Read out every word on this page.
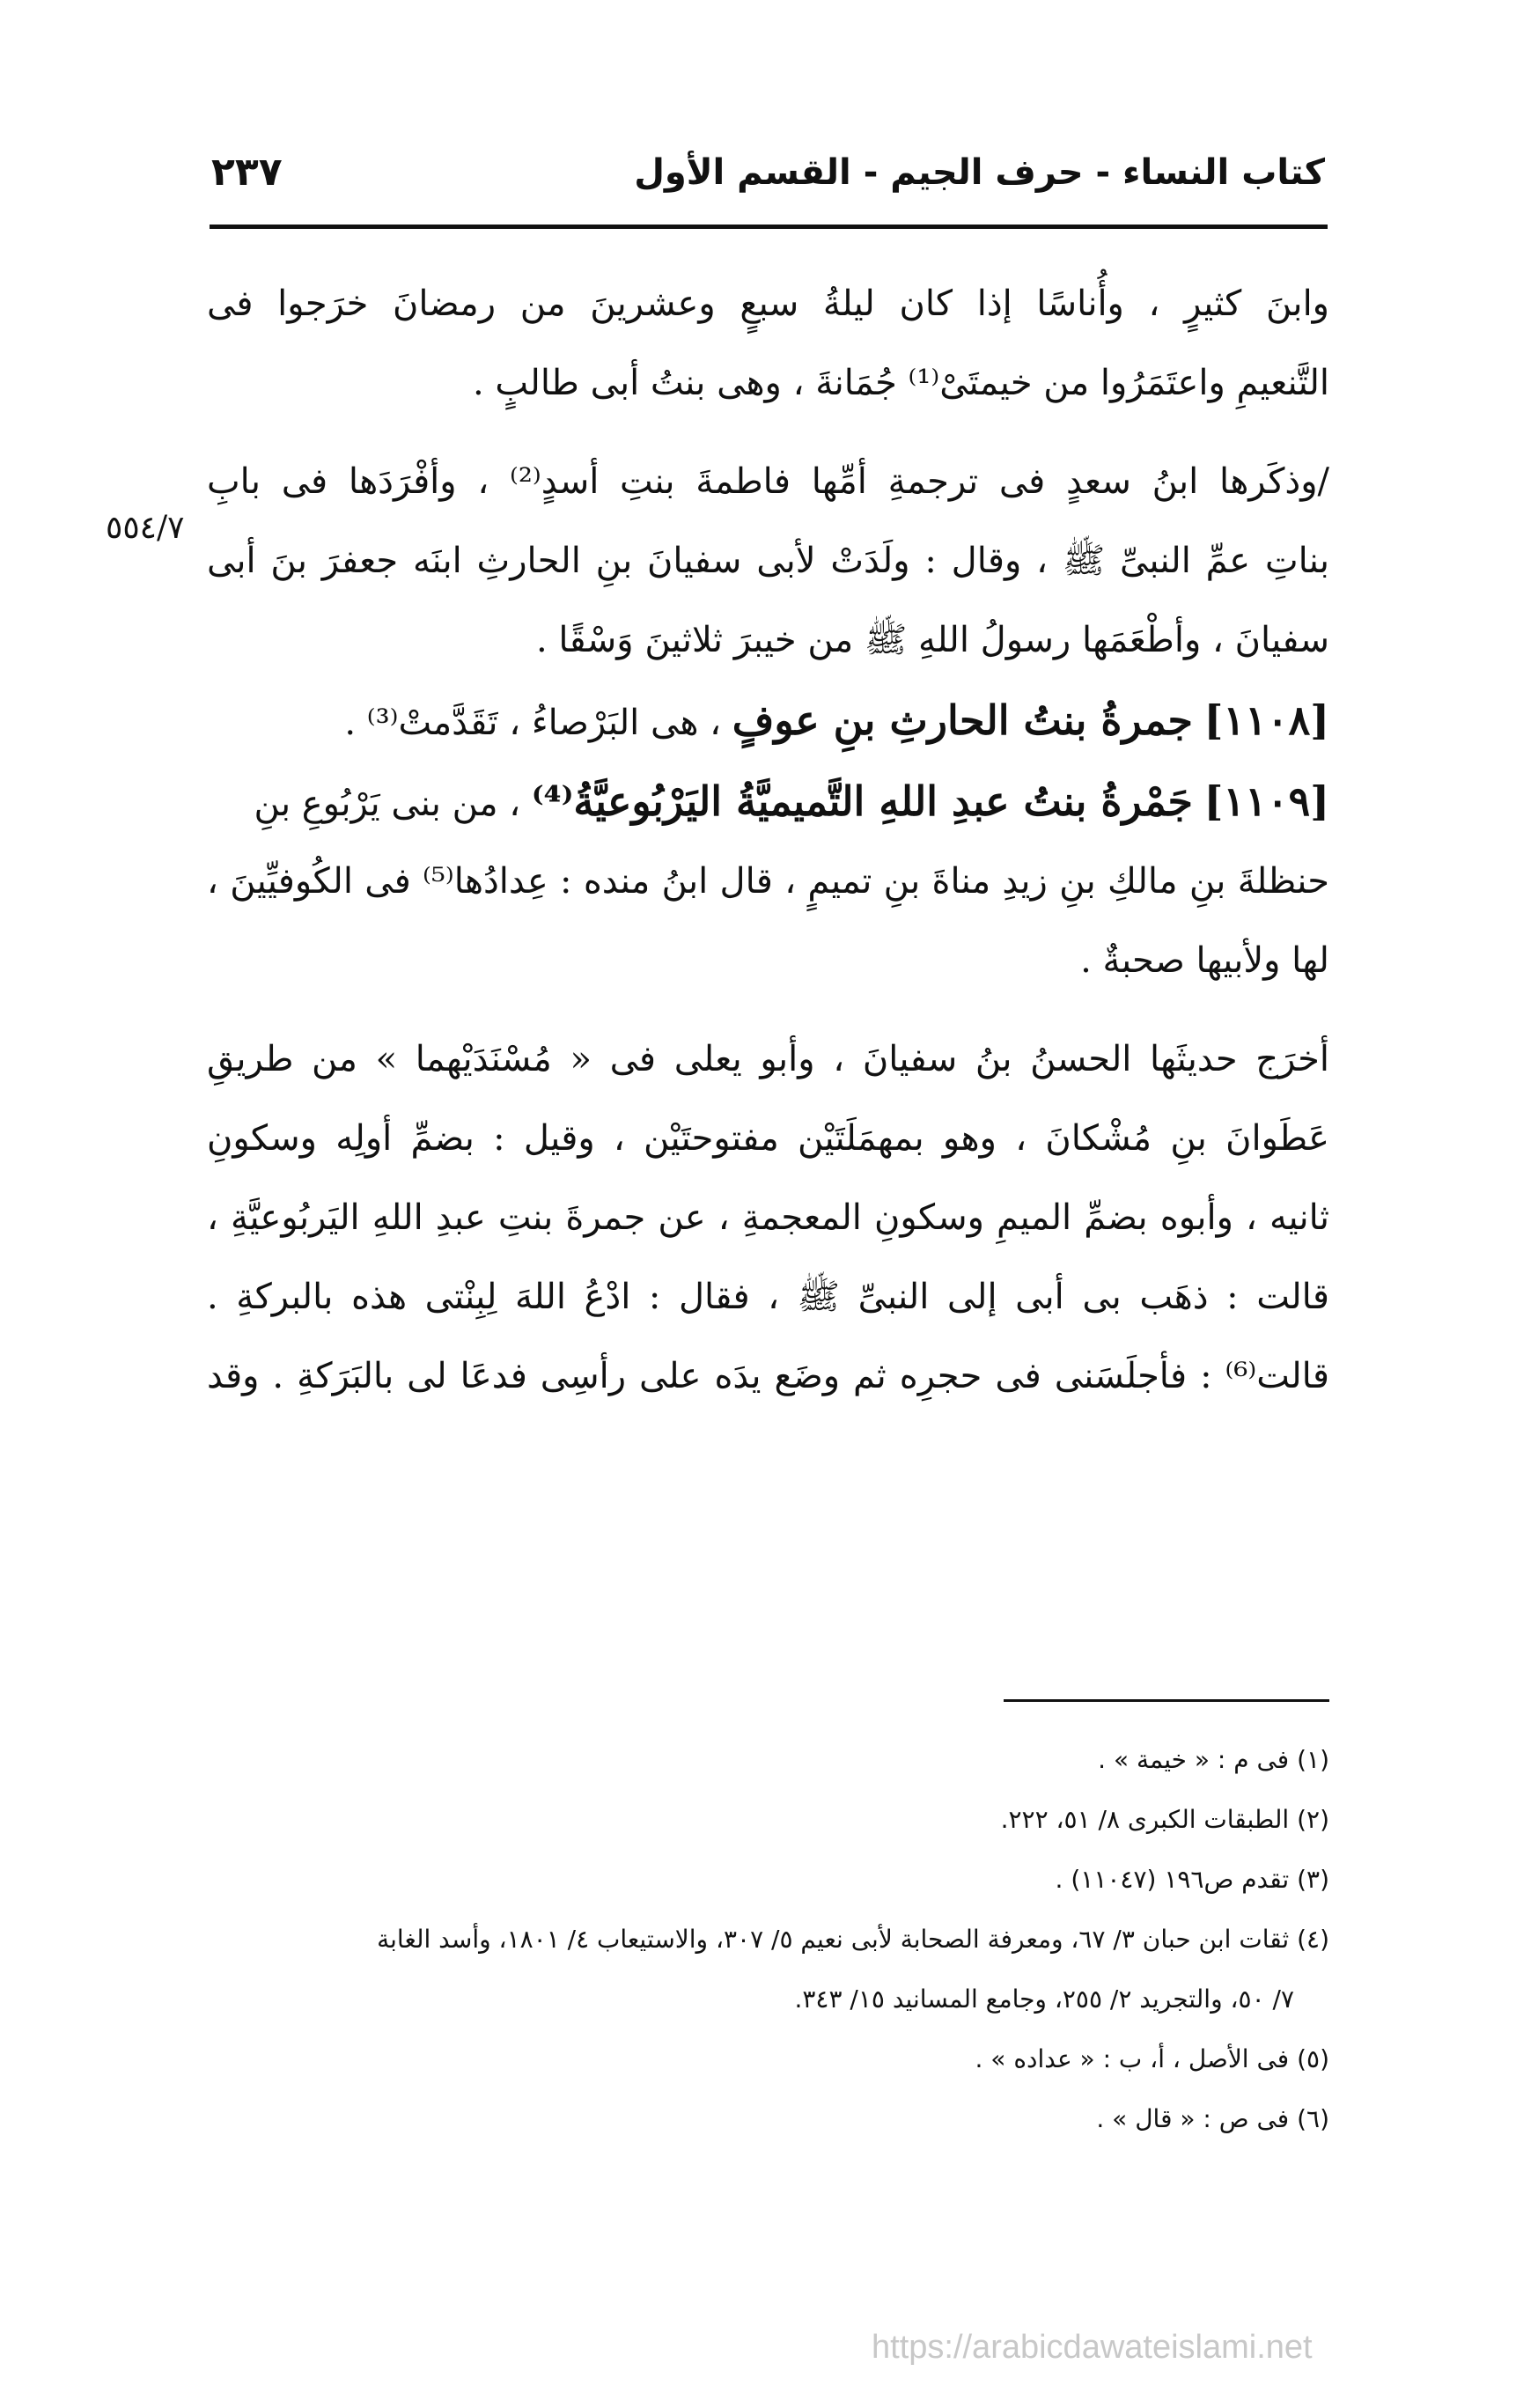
كتاب النساء - حرف الجيم - القسم الأول
٢٣٧
٥٥٤/٧
وابنَ كثيرٍ ، وأُناسًا إذا كان ليلةُ سبعٍ وعشرينَ من رمضانَ خرَجوا فى
التَّنعيمِ واعتَمَرُوا من خيمتَىْ⁽¹⁾ جُمَانةَ ، وهى بنتُ أبى طالبٍ .
/وذكَرها ابنُ سعدٍ فى ترجمةِ أمِّها فاطمةَ بنتِ أسدٍ⁽²⁾ ، وأفْرَدَها فى بابِ
بناتِ عمِّ النبىِّ ﷺ ، وقال : ولَدَتْ لأبى سفيانَ بنِ الحارثِ ابنَه جعفرَ بنَ أبى
سفيانَ ، وأطْعَمَها رسولُ اللهِ ﷺ من خيبرَ ثلاثينَ وَسْقًا .
[١١٠٨] جمرةُ بنتُ الحارثِ بنِ عوفٍ ، هى البَرْصاءُ ، تَقَدَّمتْ⁽³⁾ .
[١١٠٩] جَمْرةُ بنتُ عبدِ اللهِ التَّميميَّةُ اليَرْبُوعيَّةُ⁽⁴⁾ ، من بنى يَرْبُوعِ بنِ
حنظلةَ بنِ مالكِ بنِ زيدِ مناةَ بنِ تميمٍ ، قال ابنُ منده : عِدادُها⁽⁵⁾ فى الكُوفيِّينَ ،
لها ولأبيها صحبةٌ .
أخرَج حديثَها الحسنُ بنُ سفيانَ ، وأبو يعلى فى « مُسْنَدَيْهما » من طريقِ
عَطَوانَ بنِ مُشْكانَ ، وهو بمهمَلَتَيْن مفتوحتَيْن ، وقيل : بضمِّ أولِه وسكونِ
ثانيه ، وأبوه بضمِّ الميمِ وسكونِ المعجمةِ ، عن جمرةَ بنتِ عبدِ اللهِ اليَربُوعيَّةِ ،
قالت : ذهَب بى أبى إلى النبىِّ ﷺ ، فقال : ادْعُ اللهَ لِبِنْتى هذه بالبركةِ .
قالت⁽⁶⁾ : فأجلَسَنى فى حجرِه ثم وضَع يدَه على رأسِى فدعَا لى بالبَرَكةِ . وقد
(١) فى م : « خيمة » .
(٢) الطبقات الكبرى ٨/ ٥١، ٢٢٢.
(٣) تقدم ص١٩٦ (١١٠٤٧) .
(٤) ثقات ابن حبان ٣/ ٦٧، ومعرفة الصحابة لأبى نعيم ٥/ ٣٠٧، والاستيعاب ٤/ ١٨٠١، وأسد الغابة
٧/ ٥٠، والتجريد ٢/ ٢٥٥، وجامع المسانيد ١٥/ ٣٤٣.
(٥) فى الأصل ، أ، ب : « عداده » .
(٦) فى ص : « قال » .
https://arabicdawateislami.net
